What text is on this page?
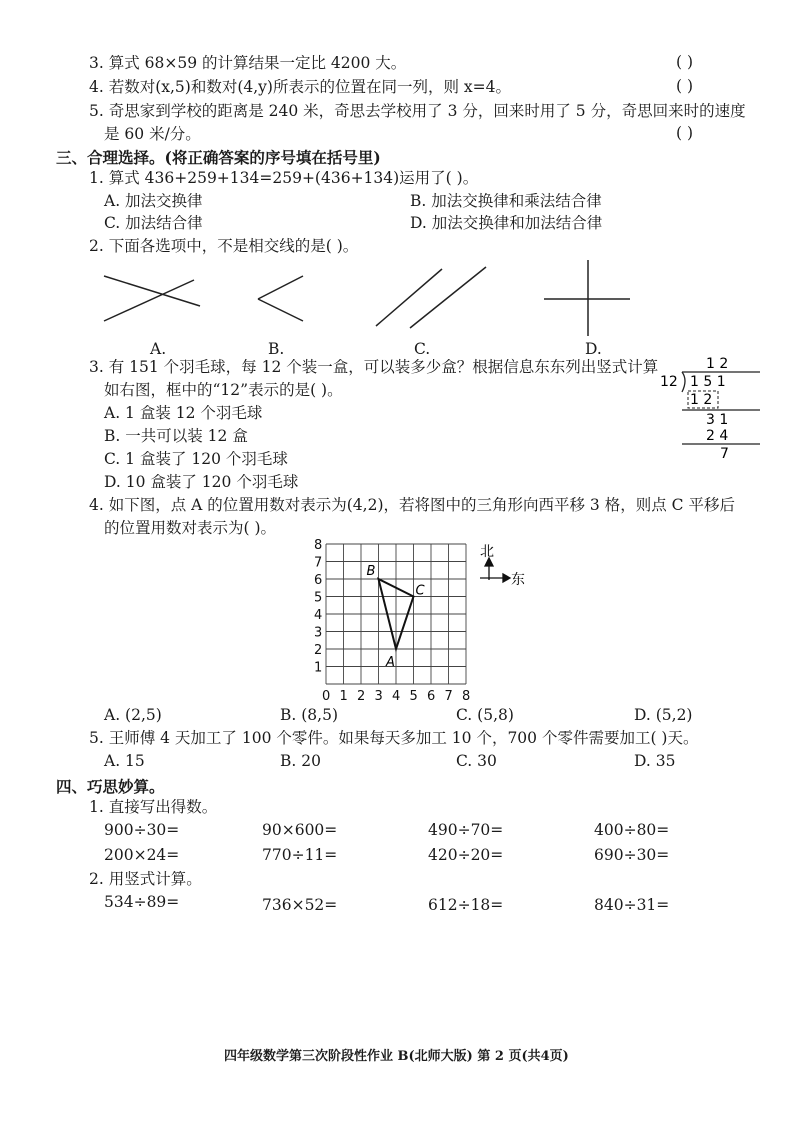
3. 算式 68×59 的计算结果一定比 4200 大。	( )
4. 若数对(x,5)和数对(4,y)所表示的位置在同一列，则 x=4。	( )
5. 奇思家到学校的距离是 240 米，奇思去学校用了 3 分，回来时用了 5 分，奇思回来时的速度
是 60 米/分。	( )
三、合理选择。(将正确答案的序号填在括号里)
1. 算式 436+259+134=259+(436+134)运用了( )。
A. 加法交换律	B. 加法交换律和乘法结合律
C. 加法结合律	D. 加法交换律和加法结合律
2. 下面各选项中，不是相交线的是( )。
A.	B.	C.	D.
3. 有 151 个羽毛球，每 12 个装一盒，可以装多少盒？根据信息东东列出竖式计算
如右图，框中的“12”表示的是( )。
A. 1 盒装 12 个羽毛球
B. 一共可以装 12 盒
C. 1 盒装了 120 个羽毛球
D. 10 盒装了 120 个羽毛球
1 2
12 1 5 1
1 2
3 1
2 4
7
4. 如下图，点 A 的位置用数对表示为(4,2)，若将图中的三角形向西平移 3 格，则点 C 平移后
的位置用数对表示为( )。
0 1 2 3 4 5 6 7 8
1
2
3
4
5
6
7
8
A
B
C
北
东
A. (2,5)	B. (8,5)	C. (5,8)	D. (5,2)
5. 王师傅 4 天加工了 100 个零件。如果每天多加工 10 个，700 个零件需要加工( )天。
A. 15	B. 20	C. 30	D. 35
四、巧思妙算。
1. 直接写出得数。
900÷30=	90×600=	490÷70=	400÷80=
200×24=	770÷11=	420÷20=	690÷30=
2. 用竖式计算。
534÷89=	736×52=	612÷18=	840÷31=
四年级数学第三次阶段性作业 B(北师大版) 第 2 页(共4页)
